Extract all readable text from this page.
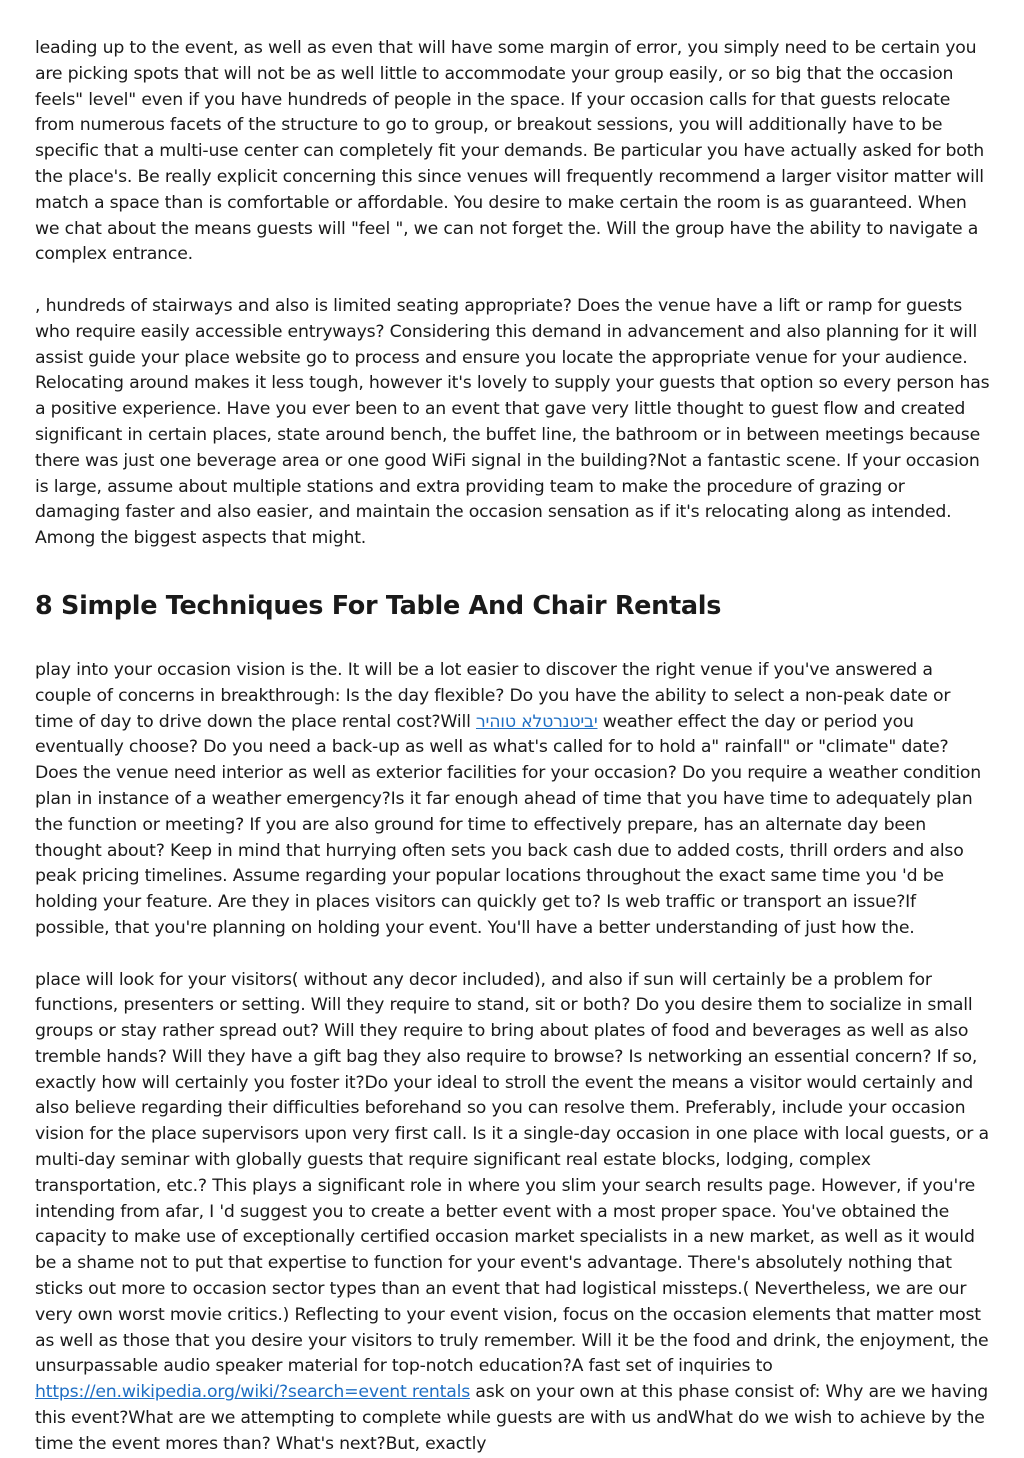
leading up to the event, as well as even that will have some margin of error, you simply need to be certain you are picking spots that will not be as well little to accommodate your group easily, or so big that the occasion feels" level" even if you have hundreds of people in the space. If your occasion calls for that guests relocate from numerous facets of the structure to go to group, or breakout sessions, you will additionally have to be specific that a multi-use center can completely fit your demands. Be particular you have actually asked for both the place's. Be really explicit concerning this since venues will frequently recommend a larger visitor matter will match a space than is comfortable or affordable. You desire to make certain the room is as guaranteed. When we chat about the means guests will "feel ", we can not forget the. Will the group have the ability to navigate a complex entrance.

, hundreds of stairways and also is limited seating appropriate? Does the venue have a lift or ramp for guests who require easily accessible entryways? Considering this demand in advancement and also planning for it will assist guide your place website go to process and ensure you locate the appropriate venue for your audience. Relocating around makes it less tough, however it's lovely to supply your guests that option so every person has a positive experience. Have you ever been to an event that gave very little thought to guest flow and created significant in certain places, state around bench, the buffet line, the bathroom or in between meetings because there was just one beverage area or one good WiFi signal in the building?Not a fantastic scene. If your occasion is large, assume about multiple stations and extra providing team to make the procedure of grazing or damaging faster and also easier, and maintain the occasion sensation as if it's relocating along as intended. Among the biggest aspects that might.

8 Simple Techniques For Table And Chair Rentals

play into your occasion vision is the. It will be a lot easier to discover the right venue if you've answered a couple of concerns in breakthrough: Is the day flexible? Do you have the ability to select a non-peak date or time of day to drive down the place rental cost?Will יביטנרטלא טוהיר weather effect the day or period you eventually choose? Do you need a back-up as well as what's called for to hold a" rainfall" or "climate" date? Does the venue need interior as well as exterior facilities for your occasion? Do you require a weather condition plan in instance of a weather emergency?Is it far enough ahead of time that you have time to adequately plan the function or meeting? If you are also ground for time to effectively prepare, has an alternate day been thought about? Keep in mind that hurrying often sets you back cash due to added costs, thrill orders and also peak pricing timelines. Assume regarding your popular locations throughout the exact same time you 'd be holding your feature. Are they in places visitors can quickly get to? Is web traffic or transport an issue?If possible, that you're planning on holding your event. You'll have a better understanding of just how the.

place will look for your visitors( without any decor included), and also if sun will certainly be a problem for functions, presenters or setting. Will they require to stand, sit or both? Do you desire them to socialize in small groups or stay rather spread out? Will they require to bring about plates of food and beverages as well as also tremble hands? Will they have a gift bag they also require to browse? Is networking an essential concern? If so, exactly how will certainly you foster it?Do your ideal to stroll the event the means a visitor would certainly and also believe regarding their difficulties beforehand so you can resolve them. Preferably, include your occasion vision for the place supervisors upon very first call. Is it a single-day occasion in one place with local guests, or a multi-day seminar with globally guests that require significant real estate blocks, lodging, complex transportation, etc.? This plays a significant role in where you slim your search results page. However, if you're intending from afar, I 'd suggest you to create a better event with a most proper space. You've obtained the capacity to make use of exceptionally certified occasion market specialists in a new market, as well as it would be a shame not to put that expertise to function for your event's advantage. There's absolutely nothing that sticks out more to occasion sector types than an event that had logistical missteps.( Nevertheless, we are our very own worst movie critics.) Reflecting to your event vision, focus on the occasion elements that matter most as well as those that you desire your visitors to truly remember. Will it be the food and drink, the enjoyment, the unsurpassable audio speaker material for top-notch education?A fast set of inquiries to https://en.wikipedia.org/wiki/?search=event rentals ask on your own at this phase consist of: Why are we having this event?What are we attempting to complete while guests are with us andWhat do we wish to achieve by the time the event mores than? What's next?But, exactly
